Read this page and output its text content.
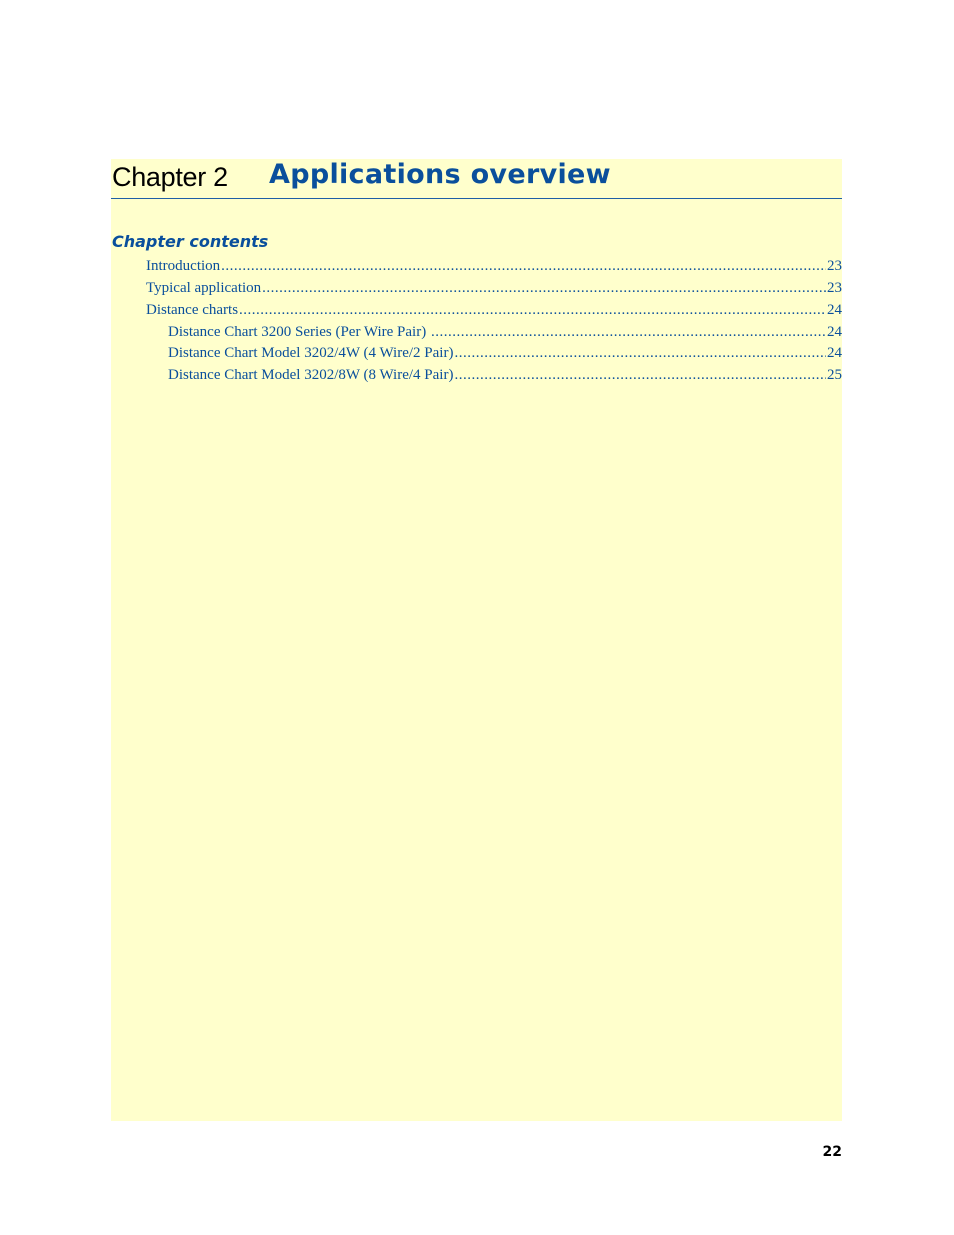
Chapter 2 Applications overview
Chapter contents
Introduction .....	23
Typical application .....	23
Distance charts .....	24
Distance Chart 3200 Series (Per Wire Pair) .....	24
Distance Chart Model 3202/4W (4 Wire/2 Pair) .....	24
Distance Chart Model 3202/8W (8 Wire/4 Pair) .....	25
22
